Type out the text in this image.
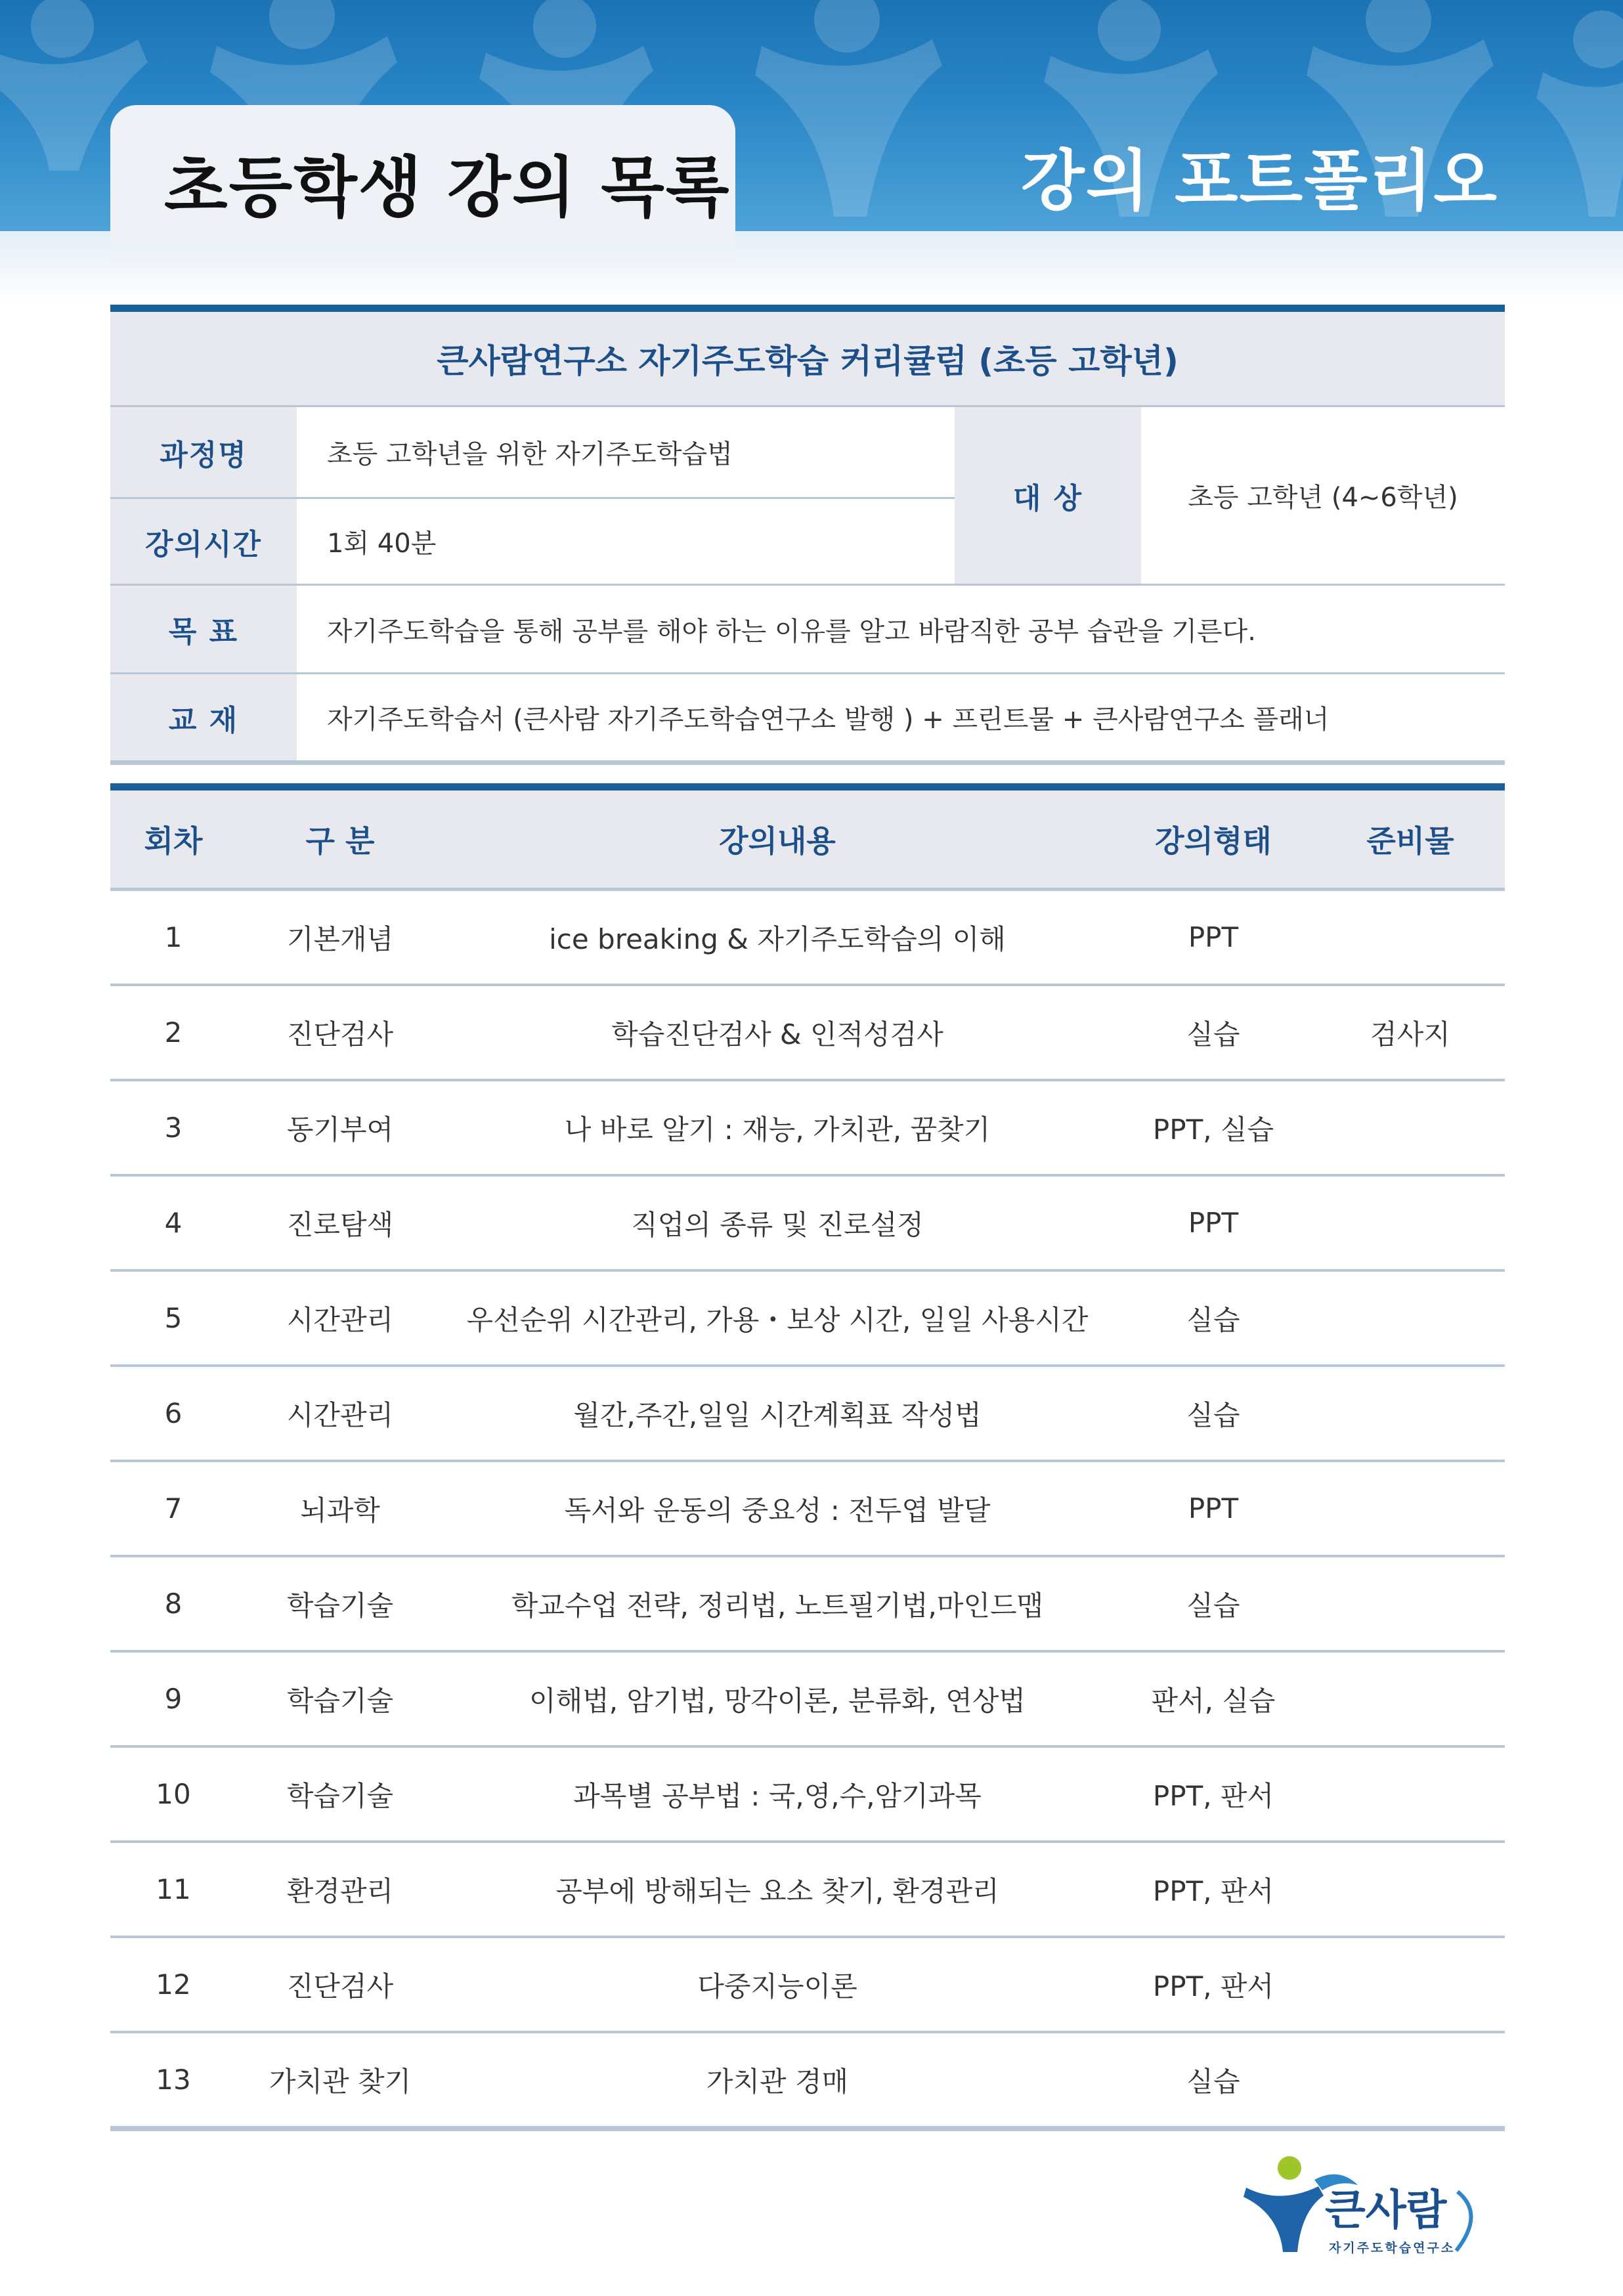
초등학생 강의 목록	강의 포트폴리오
큰사람연구소 자기주도학습 커리큘럼 (초등 고학년)			
과정명	초등 고학년을 위한 자기주도학습법	대 상	초등 고학년 (4~6학년)
강의시간	1회 40분		
목 표	자기주도학습을 통해 공부를 해야 하는 이유를 알고 바람직한 공부 습관을 기른다.		
교 재	자기주도학습서 (큰사람 자기주도학습연구소 발행 ) + 프린트물 + 큰사람연구소 플래너		
회차	구 분	강의내용	강의형태	준비물
1	기본개념	ice breaking & 자기주도학습의 이해	PPT	
2	진단검사	학습진단검사 & 인적성검사	실습	검사지
3	동기부여	나 바로 알기 : 재능, 가치관, 꿈찾기	PPT, 실습	
4	진로탐색	직업의 종류 및 진로설정	PPT	
5	시간관리	우선순위 시간관리, 가용・보상 시간, 일일 사용시간	실습	
6	시간관리	월간,주간,일일 시간계획표 작성법	실습	
7	뇌과학	독서와 운동의 중요성 : 전두엽 발달	PPT	
8	학습기술	학교수업 전략, 정리법, 노트필기법,마인드맵	실습	
9	학습기술	이해법, 암기법, 망각이론, 분류화, 연상법	판서, 실습	
10	학습기술	과목별 공부법 : 국,영,수,암기과목	PPT, 판서	
11	환경관리	공부에 방해되는 요소 찾기, 환경관리	PPT, 판서	
12	진단검사	다중지능이론	PPT, 판서	
13	가치관 찾기	가치관 경매	실습	
큰사람
자기주도학습연구소
